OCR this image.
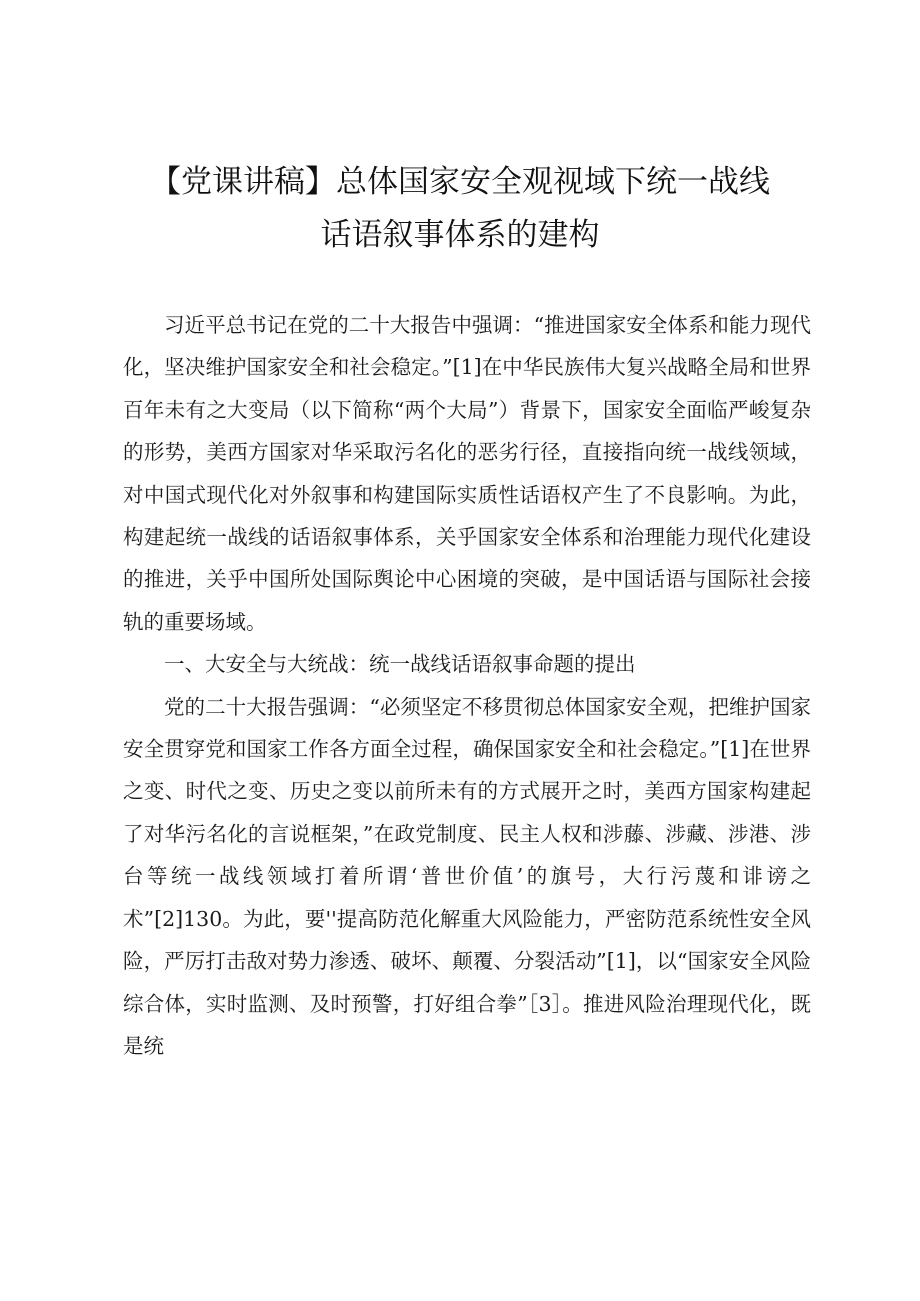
【党课讲稿】总体国家安全观视域下统一战线
话语叙事体系的建构

习近平总书记在党的二十大报告中强调：“推进国家安全体系和能力现代化，坚决维护国家安全和社会稳定。”[1]在中华民族伟大复兴战略全局和世界百年未有之大变局（以下简称“两个大局”）背景下，国家安全面临严峻复杂的形势，美西方国家对华采取污名化的恶劣行径，直接指向统一战线领域，对中国式现代化对外叙事和构建国际实质性话语权产生了不良影响。为此，构建起统一战线的话语叙事体系，关乎国家安全体系和治理能力现代化建设的推进，关乎中国所处国际舆论中心困境的突破，是中国话语与国际社会接轨的重要场域。

一、大安全与大统战：统一战线话语叙事命题的提出

党的二十大报告强调：“必须坚定不移贯彻总体国家安全观，把维护国家安全贯穿党和国家工作各方面全过程，确保国家安全和社会稳定。”[1]在世界之变、时代之变、历史之变以前所未有的方式展开之时，美西方国家构建起了对华污名化的言说框架，”在政党制度、民主人权和涉藤、涉藏、涉港、涉台等统一战线领域打着所谓‘普世价值’的旗号，大行污蔑和诽谤之术”[2]130。为此，要''提高防范化解重大风险能力，严密防范系统性安全风险，严厉打击敌对势力渗透、破坏、颠覆、分裂活动”[1]，以“国家安全风险综合体，实时监测、及时预警，打好组合拳”［3］。推进风险治理现代化，既是统
